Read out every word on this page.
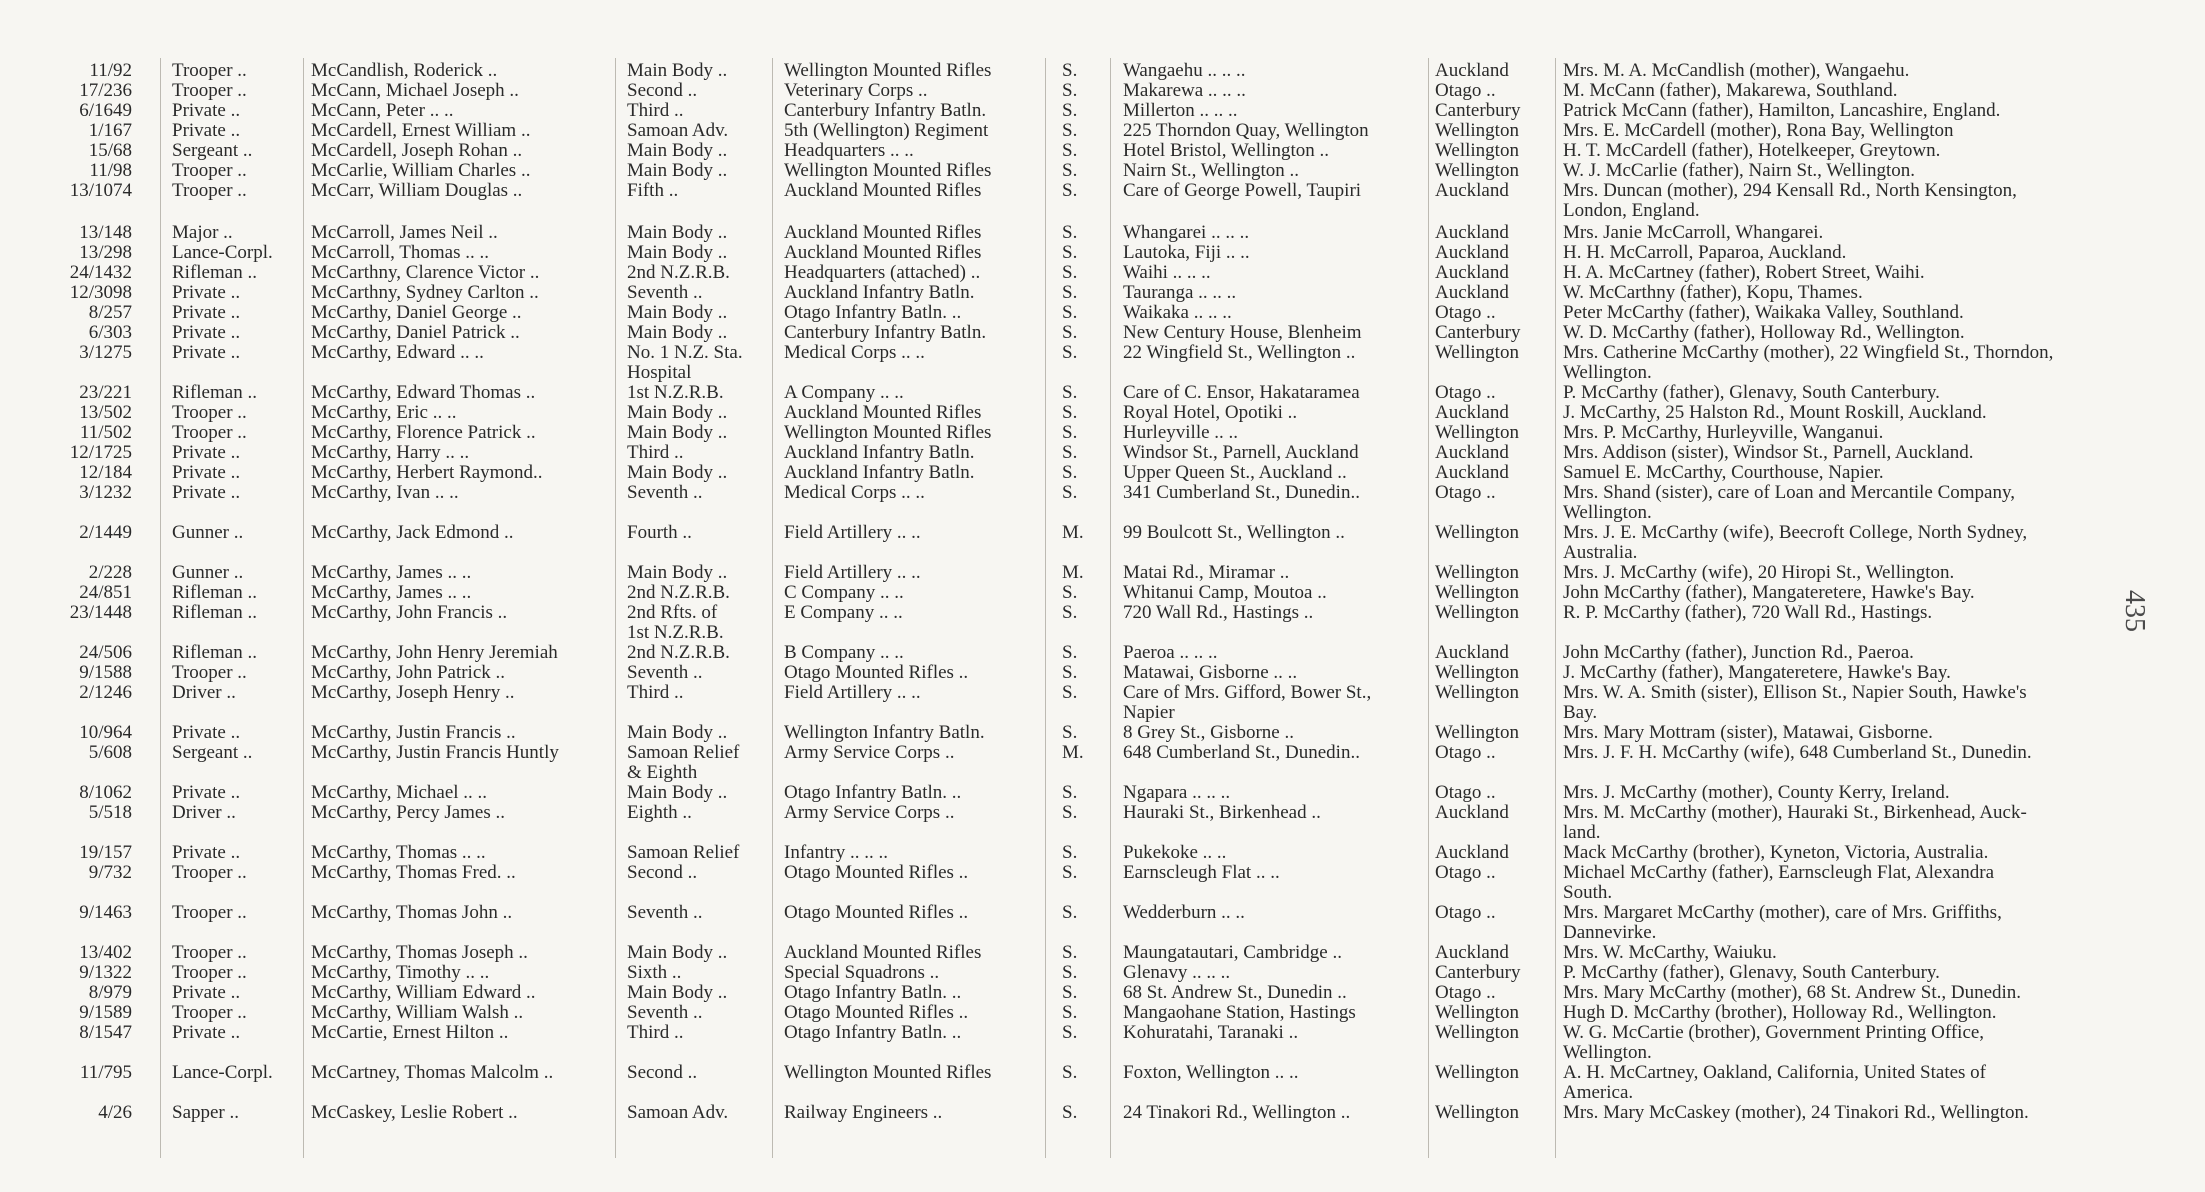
11/92 Trooper ..	McCandlish, Roderick ..	Main Body ..	Wellington Mounted Rifles	S.	Wangaehu .. .. ..	Auckland	Mrs. M. A. McCandlish (mother), Wangaehu.
17/236 Trooper ..	McCann, Michael Joseph ..	Second ..	Veterinary Corps ..	S.	Makarewa .. .. ..	Otago ..	M. McCann (father), Makarewa, Southland.
6/1649 Private ..	McCann, Peter .. ..	Third ..	Canterbury Infantry Batln.	S.	Millerton .. .. ..	Canterbury	Patrick McCann (father), Hamilton, Lancashire, England.
1/167 Private ..	McCardell, Ernest William ..	Samoan Adv.	5th (Wellington) Regiment	S.	225 Thorndon Quay, Wellington	Wellington	Mrs. E. McCardell (mother), Rona Bay, Wellington
15/68 Sergeant ..	McCardell, Joseph Rohan ..	Main Body ..	Headquarters .. ..	S.	Hotel Bristol, Wellington ..	Wellington	H. T. McCardell (father), Hotelkeeper, Greytown.
11/98 Trooper ..	McCarlie, William Charles ..	Main Body ..	Wellington Mounted Rifles	S.	Nairn St., Wellington ..	Wellington	W. J. McCarlie (father), Nairn St., Wellington.
13/1074 Trooper ..	McCarr, William Douglas ..	Fifth ..	Auckland Mounted Rifles	S.	Care of George Powell, Taupiri	Auckland	Mrs. Duncan (mother), 294 Kensall Rd., North Kensington,
London, England.
13/148 Major ..	McCarroll, James Neil ..	Main Body ..	Auckland Mounted Rifles	S.	Whangarei .. .. ..	Auckland	Mrs. Janie McCarroll, Whangarei.
13/298 Lance-Corpl.	McCarroll, Thomas .. ..	Main Body ..	Auckland Mounted Rifles	S.	Lautoka, Fiji .. ..	Auckland	H. H. McCarroll, Paparoa, Auckland.
24/1432 Rifleman ..	McCarthny, Clarence Victor ..	2nd N.Z.R.B.	Headquarters (attached) ..	S.	Waihi .. .. ..	Auckland	H. A. McCartney (father), Robert Street, Waihi.
12/3098 Private ..	McCarthny, Sydney Carlton ..	Seventh ..	Auckland Infantry Batln.	S.	Tauranga .. .. ..	Auckland	W. McCarthny (father), Kopu, Thames.
8/257 Private ..	McCarthy, Daniel George ..	Main Body ..	Otago Infantry Batln. ..	S.	Waikaka .. .. ..	Otago ..	Peter McCarthy (father), Waikaka Valley, Southland.
6/303 Private ..	McCarthy, Daniel Patrick ..	Main Body ..	Canterbury Infantry Batln.	S.	New Century House, Blenheim	Canterbury	W. D. McCarthy (father), Holloway Rd., Wellington.
3/1275 Private ..	McCarthy, Edward .. ..	No. 1 N.Z. Sta.	Medical Corps .. ..	S.	22 Wingfield St., Wellington ..	Wellington	Mrs. Catherine McCarthy (mother), 22 Wingfield St., Thorndon,
Hospital	Wellington.
23/221 Rifleman ..	McCarthy, Edward Thomas ..	1st N.Z.R.B.	A Company .. ..	S.	Care of C. Ensor, Hakataramea	Otago ..	P. McCarthy (father), Glenavy, South Canterbury.
13/502 Trooper ..	McCarthy, Eric .. ..	Main Body ..	Auckland Mounted Rifles	S.	Royal Hotel, Opotiki ..	Auckland	J. McCarthy, 25 Halston Rd., Mount Roskill, Auckland.
11/502 Trooper ..	McCarthy, Florence Patrick ..	Main Body ..	Wellington Mounted Rifles	S.	Hurleyville .. ..	Wellington	Mrs. P. McCarthy, Hurleyville, Wanganui.
12/1725 Private ..	McCarthy, Harry .. ..	Third ..	Auckland Infantry Batln.	S.	Windsor St., Parnell, Auckland	Auckland	Mrs. Addison (sister), Windsor St., Parnell, Auckland.
12/184 Private ..	McCarthy, Herbert Raymond..	Main Body ..	Auckland Infantry Batln.	S.	Upper Queen St., Auckland ..	Auckland	Samuel E. McCarthy, Courthouse, Napier.
3/1232 Private ..	McCarthy, Ivan .. ..	Seventh ..	Medical Corps .. ..	S.	341 Cumberland St., Dunedin..	Otago ..	Mrs. Shand (sister), care of Loan and Mercantile Company,
Wellington.
2/1449 Gunner ..	McCarthy, Jack Edmond ..	Fourth ..	Field Artillery .. ..	M.	99 Boulcott St., Wellington ..	Wellington	Mrs. J. E. McCarthy (wife), Beecroft College, North Sydney,
Australia.
2/228 Gunner ..	McCarthy, James .. ..	Main Body ..	Field Artillery .. ..	M.	Matai Rd., Miramar ..	Wellington	Mrs. J. McCarthy (wife), 20 Hiropi St., Wellington.
24/851 Rifleman ..	McCarthy, James .. ..	2nd N.Z.R.B.	C Company .. ..	S.	Whitanui Camp, Moutoa ..	Wellington	John McCarthy (father), Mangateretere, Hawke's Bay.
23/1448 Rifleman ..	McCarthy, John Francis ..	2nd Rfts. of	E Company .. ..	S.	720 Wall Rd., Hastings ..	Wellington	R. P. McCarthy (father), 720 Wall Rd., Hastings.
1st N.Z.R.B.
24/506 Rifleman ..	McCarthy, John Henry Jeremiah	2nd N.Z.R.B.	B Company .. ..	S.	Paeroa .. .. ..	Auckland	John McCarthy (father), Junction Rd., Paeroa.
9/1588 Trooper ..	McCarthy, John Patrick ..	Seventh ..	Otago Mounted Rifles ..	S.	Matawai, Gisborne .. ..	Wellington	J. McCarthy (father), Mangateretere, Hawke's Bay.
2/1246 Driver ..	McCarthy, Joseph Henry ..	Third ..	Field Artillery .. ..	S.	Care of Mrs. Gifford, Bower St.,	Wellington	Mrs. W. A. Smith (sister), Ellison St., Napier South, Hawke's
Napier	Bay.
10/964 Private ..	McCarthy, Justin Francis ..	Main Body ..	Wellington Infantry Batln.	S.	8 Grey St., Gisborne ..	Wellington	Mrs. Mary Mottram (sister), Matawai, Gisborne.
5/608 Sergeant ..	McCarthy, Justin Francis Huntly	Samoan Relief	Army Service Corps ..	M.	648 Cumberland St., Dunedin..	Otago ..	Mrs. J. F. H. McCarthy (wife), 648 Cumberland St., Dunedin.
& Eighth
8/1062 Private ..	McCarthy, Michael .. ..	Main Body ..	Otago Infantry Batln. ..	S.	Ngapara .. .. ..	Otago ..	Mrs. J. McCarthy (mother), County Kerry, Ireland.
5/518 Driver ..	McCarthy, Percy James ..	Eighth ..	Army Service Corps ..	S.	Hauraki St., Birkenhead ..	Auckland	Mrs. M. McCarthy (mother), Hauraki St., Birkenhead, Auck-
land.
19/157 Private ..	McCarthy, Thomas .. ..	Samoan Relief	Infantry .. .. ..	S.	Pukekoke .. ..	Auckland	Mack McCarthy (brother), Kyneton, Victoria, Australia.
9/732 Trooper ..	McCarthy, Thomas Fred. ..	Second ..	Otago Mounted Rifles ..	S.	Earnscleugh Flat .. ..	Otago ..	Michael McCarthy (father), Earnscleugh Flat, Alexandra
South.
9/1463 Trooper ..	McCarthy, Thomas John ..	Seventh ..	Otago Mounted Rifles ..	S.	Wedderburn .. ..	Otago ..	Mrs. Margaret McCarthy (mother), care of Mrs. Griffiths,
Dannevirke.
13/402 Trooper ..	McCarthy, Thomas Joseph ..	Main Body ..	Auckland Mounted Rifles	S.	Maungatautari, Cambridge ..	Auckland	Mrs. W. McCarthy, Waiuku.
9/1322 Trooper ..	McCarthy, Timothy .. ..	Sixth ..	Special Squadrons ..	S.	Glenavy .. .. ..	Canterbury	P. McCarthy (father), Glenavy, South Canterbury.
8/979 Private ..	McCarthy, William Edward ..	Main Body ..	Otago Infantry Batln. ..	S.	68 St. Andrew St., Dunedin ..	Otago ..	Mrs. Mary McCarthy (mother), 68 St. Andrew St., Dunedin.
9/1589 Trooper ..	McCarthy, William Walsh ..	Seventh ..	Otago Mounted Rifles ..	S.	Mangaohane Station, Hastings	Wellington	Hugh D. McCarthy (brother), Holloway Rd., Wellington.
8/1547 Private ..	McCartie, Ernest Hilton ..	Third ..	Otago Infantry Batln. ..	S.	Kohuratahi, Taranaki ..	Wellington	W. G. McCartie (brother), Government Printing Office,
Wellington.
11/795 Lance-Corpl.	McCartney, Thomas Malcolm ..	Second ..	Wellington Mounted Rifles	S.	Foxton, Wellington .. ..	Wellington	A. H. McCartney, Oakland, California, United States of
America.
4/26 Sapper ..	McCaskey, Leslie Robert ..	Samoan Adv.	Railway Engineers ..	S.	24 Tinakori Rd., Wellington ..	Wellington	Mrs. Mary McCaskey (mother), 24 Tinakori Rd., Wellington.
435
